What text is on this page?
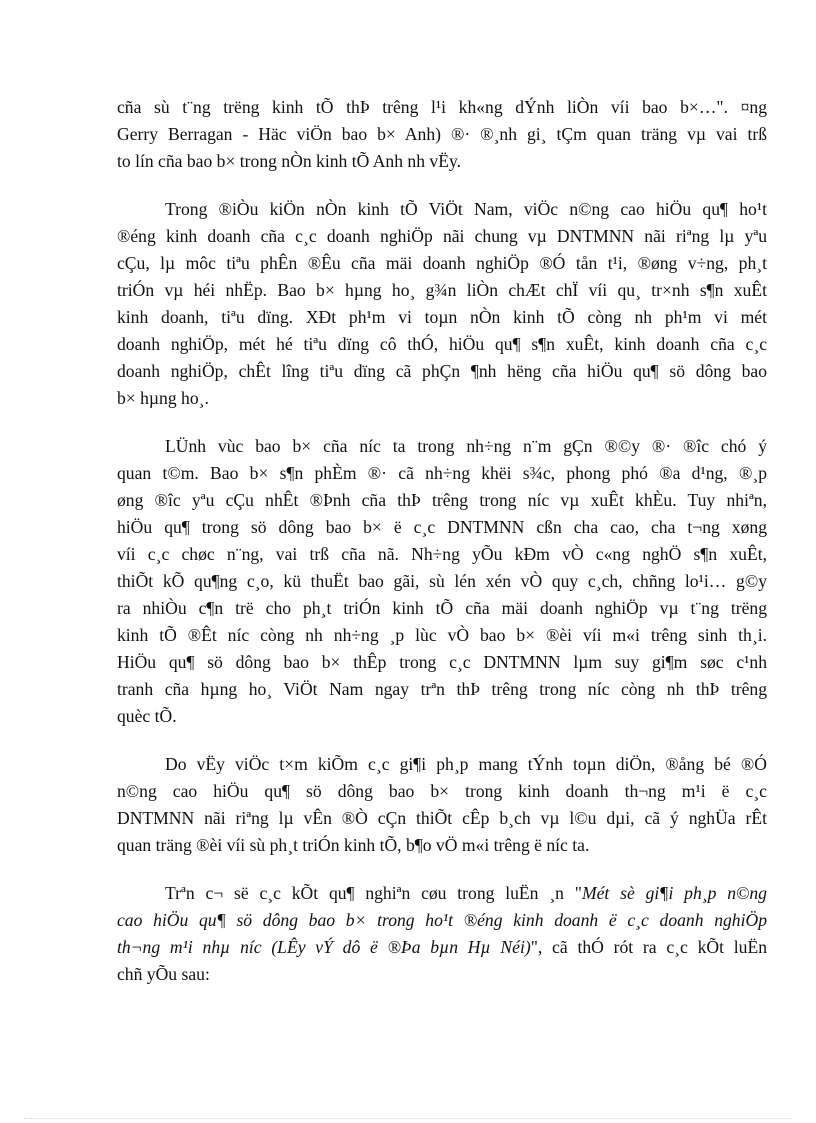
cña sù t¨ng trëng kinh tÕ thÞ trêng l¹i kh«ng dÝnh liÒn víi bao b×…". ¤ng
Gerry Berragan - Häc viÖn bao b× Anh) ®· ®¸nh gi¸ tÇm quan träng vµ vai trß
to lín cña bao b× trong nÒn kinh tÕ Anh nh vËy.
Trong ®iÒu kiÖn nÒn kinh tÕ ViÖt Nam, viÖc n©ng cao hiÖu qu¶ ho¹t
®éng kinh doanh cña c¸c doanh nghiÖp nãi chung vµ DNTMNN nãi riªng lµ yªu
cÇu, lµ môc tiªu phÊn ®Êu cña mäi doanh nghiÖp ®Ó tån t¹i, ®øng v÷ng, ph¸t
triÓn vµ héi nhËp. Bao b× hµng ho¸ g¾n liÒn chÆt chÏ víi qu¸ tr×nh s¶n xuÊt
kinh doanh, tiªu dïng. XÐt ph¹m vi toµn nÒn kinh tÕ còng nh ph¹m vi mét
doanh nghiÖp, mét hé tiªu dïng cô thÓ, hiÖu qu¶ s¶n xuÊt, kinh doanh cña c¸c
doanh nghiÖp, chÊt lîng tiªu dïng cã phÇn ¶nh hëng cña hiÖu qu¶ sö dông bao
b× hµng ho¸.
LÜnh vùc bao b× cña níc ta trong nh÷ng n¨m gÇn ®©y ®· ®îc chó ý
quan t©m. Bao b× s¶n phÈm ®· cã nh÷ng khëi s¾c, phong phó ®a d¹ng, ®¸p
øng ®îc yªu cÇu nhÊt ®Þnh cña thÞ trêng trong níc vµ xuÊt khÈu. Tuy nhiªn,
hiÖu qu¶ trong sö dông bao b× ë c¸c DNTMNN cßn cha cao, cha t¬ng xøng
víi c¸c chøc n¨ng, vai trß cña nã. Nh÷ng yÕu kÐm vÒ c«ng nghÖ s¶n xuÊt,
thiÕt kÕ qu¶ng c¸o, kü thuËt bao gãi, sù lén xén vÒ quy c¸ch, chñng lo¹i… g©y
ra nhiÒu c¶n trë cho ph¸t triÓn kinh tÕ cña mäi doanh nghiÖp vµ t¨ng trëng
kinh tÕ ®Êt níc còng nh nh÷ng ¸p lùc vÒ bao b× ®èi víi m«i trêng sinh th¸i.
HiÖu qu¶ sö dông bao b× thÊp trong c¸c DNTMNN lµm suy gi¶m søc c¹nh
tranh cña hµng ho¸ ViÖt Nam ngay trªn thÞ trêng trong níc còng nh thÞ trêng
quèc tÕ.
Do vËy viÖc t×m kiÕm c¸c gi¶i ph¸p mang tÝnh toµn diÖn, ®ång bé ®Ó
n©ng cao hiÖu qu¶ sö dông bao b× trong kinh doanh th¬ng m¹i ë c¸c
DNTMNN nãi riªng lµ vÊn ®Ò cÇn thiÕt cÊp b¸ch vµ l©u dµi, cã ý nghÜa rÊt
quan träng ®èi víi sù ph¸t triÓn kinh tÕ, b¶o vÖ m«i trêng ë níc ta.
Trªn c¬ së c¸c kÕt qu¶ nghiªn cøu trong luËn ¸n "Mét sè gi¶i ph¸p n©ng
cao hiÖu qu¶ sö dông bao b× trong ho¹t ®éng kinh doanh ë c¸c doanh nghiÖp
th¬ng m¹i nhµ níc (LÊy vÝ dô ë ®Þa bµn Hµ Néi)", cã thÓ rót ra c¸c kÕt luËn
chñ yÕu sau:
